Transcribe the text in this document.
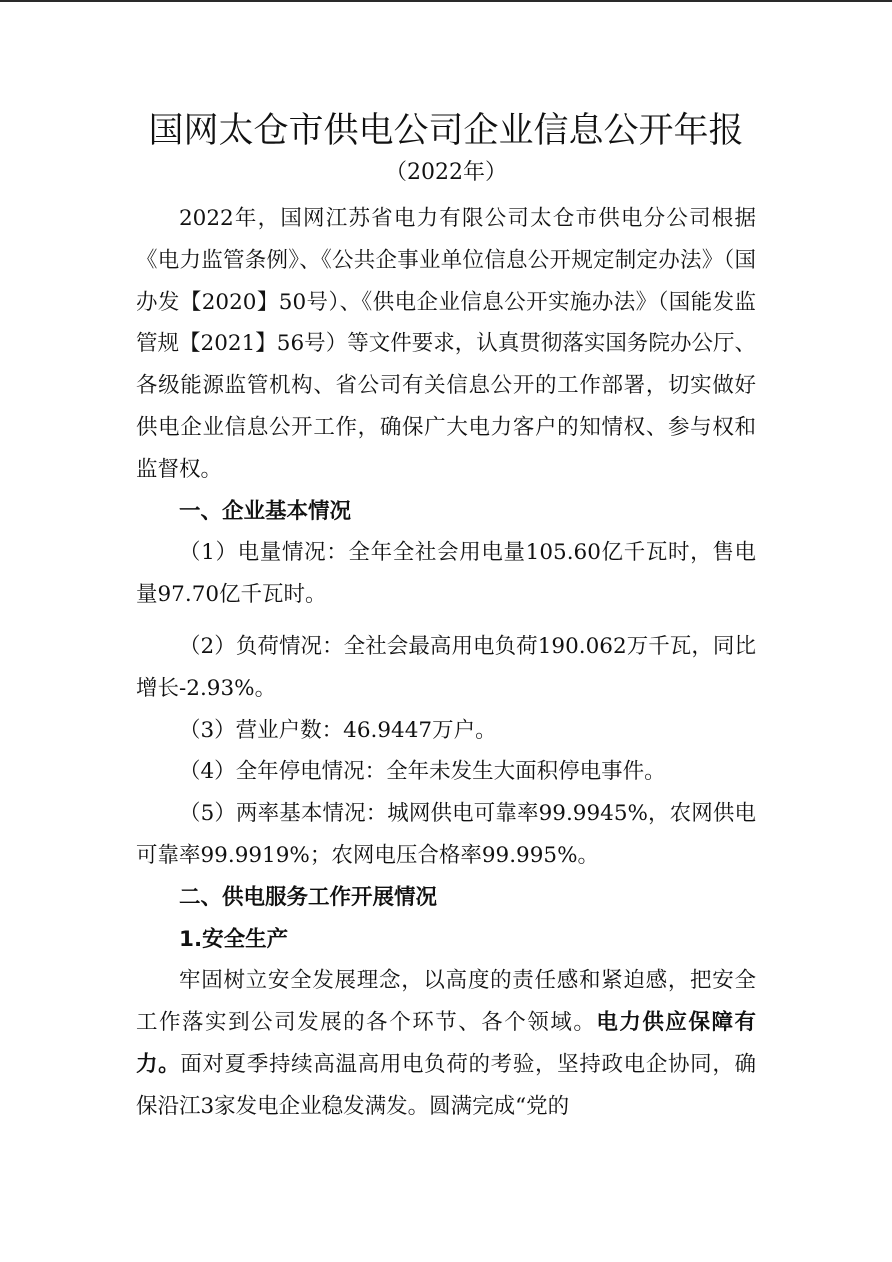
国网太仓市供电公司企业信息公开年报
（2022年）

2022年，国网江苏省电力有限公司太仓市供电分公司根据《电力监管条例》、《公共企事业单位信息公开规定制定办法》（国办发【2020】50号）、《供电企业信息公开实施办法》（国能发监管规【2021】56号）等文件要求，认真贯彻落实国务院办公厅、各级能源监管机构、省公司有关信息公开的工作部署，切实做好供电企业信息公开工作，确保广大电力客户的知情权、参与权和监督权。

一、企业基本情况

（1）电量情况：全年全社会用电量105.60亿千瓦时，售电量97.70亿千瓦时。

（2）负荷情况：全社会最高用电负荷190.062万千瓦，同比增长-2.93%。

（3）营业户数：46.9447万户。

（4）全年停电情况：全年未发生大面积停电事件。

（5）两率基本情况：城网供电可靠率99.9945%，农网供电可靠率99.9919%；农网电压合格率99.995%。

二、供电服务工作开展情况

1.安全生产

牢固树立安全发展理念，以高度的责任感和紧迫感，把安全工作落实到公司发展的各个环节、各个领域。电力供应保障有力。面对夏季持续高温高用电负荷的考验，坚持政电企协同，确保沿江3家发电企业稳发满发。圆满完成“党的
